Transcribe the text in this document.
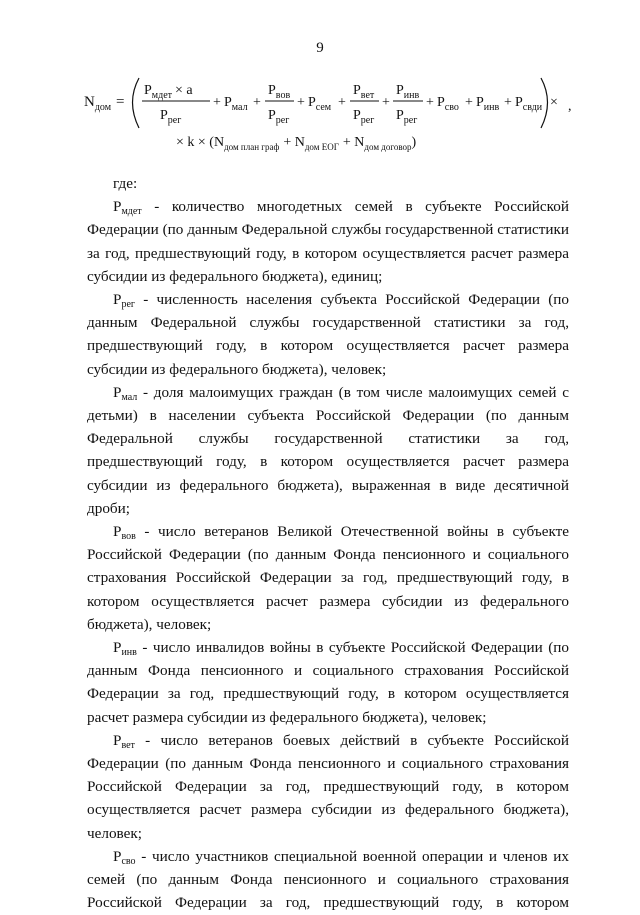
9
$N_{дом}$ =
$P_{мдет} \times a$
$P_{рег}$
+ $P_{мал}$ +
$P_{вов}$
$P_{рег}$
+ $P_{сем}$ +
$P_{вет}$
$P_{рег}$
+
$P_{инв}$
$P_{рег}$
+ $P_{сво} + P_{инв} + P_{свди}$ × ,
× $k \times (N_{дом план граф} + N_{дом ЕОГ} + N_{дом договор})$
где:

$P_{мдет}$ - количество многодетных семей в субъекте Российской Федерации (по данным Федеральной службы государственной статистики за год, предшествующий году, в котором осуществляется расчет размера субсидии из федерального бюджета), единиц;

$P_{рег}$ - численность населения субъекта Российской Федерации (по данным Федеральной службы государственной статистики за год, предшествующий году, в котором осуществляется расчет размера субсидии из федерального бюджета), человек;

$P_{мал}$ - доля малоимущих граждан (в том числе малоимущих семей с детьми) в населении субъекта Российской Федерации (по данным Федеральной службы государственной статистики за год, предшествующий году, в котором осуществляется расчет размера субсидии из федерального бюджета), выраженная в виде десятичной дроби;

$P_{вов}$ - число ветеранов Великой Отечественной войны в субъекте Российской Федерации (по данным Фонда пенсионного и социального страхования Российской Федерации за год, предшествующий году, в котором осуществляется расчет размера субсидии из федерального бюджета), человек;

$P_{инв}$ - число инвалидов войны в субъекте Российской Федерации (по данным Фонда пенсионного и социального страхования Российской Федерации за год, предшествующий году, в котором осуществляется расчет размера субсидии из федерального бюджета), человек;

$P_{вет}$ - число ветеранов боевых действий в субъекте Российской Федерации (по данным Фонда пенсионного и социального страхования Российской Федерации за год, предшествующий году, в котором осуществляется расчет размера субсидии из федерального бюджета), человек;

$P_{сво}$ - число участников специальной военной операции и членов их семей (по данным Фонда пенсионного и социального страхования Российской Федерации за год, предшествующий году, в котором
